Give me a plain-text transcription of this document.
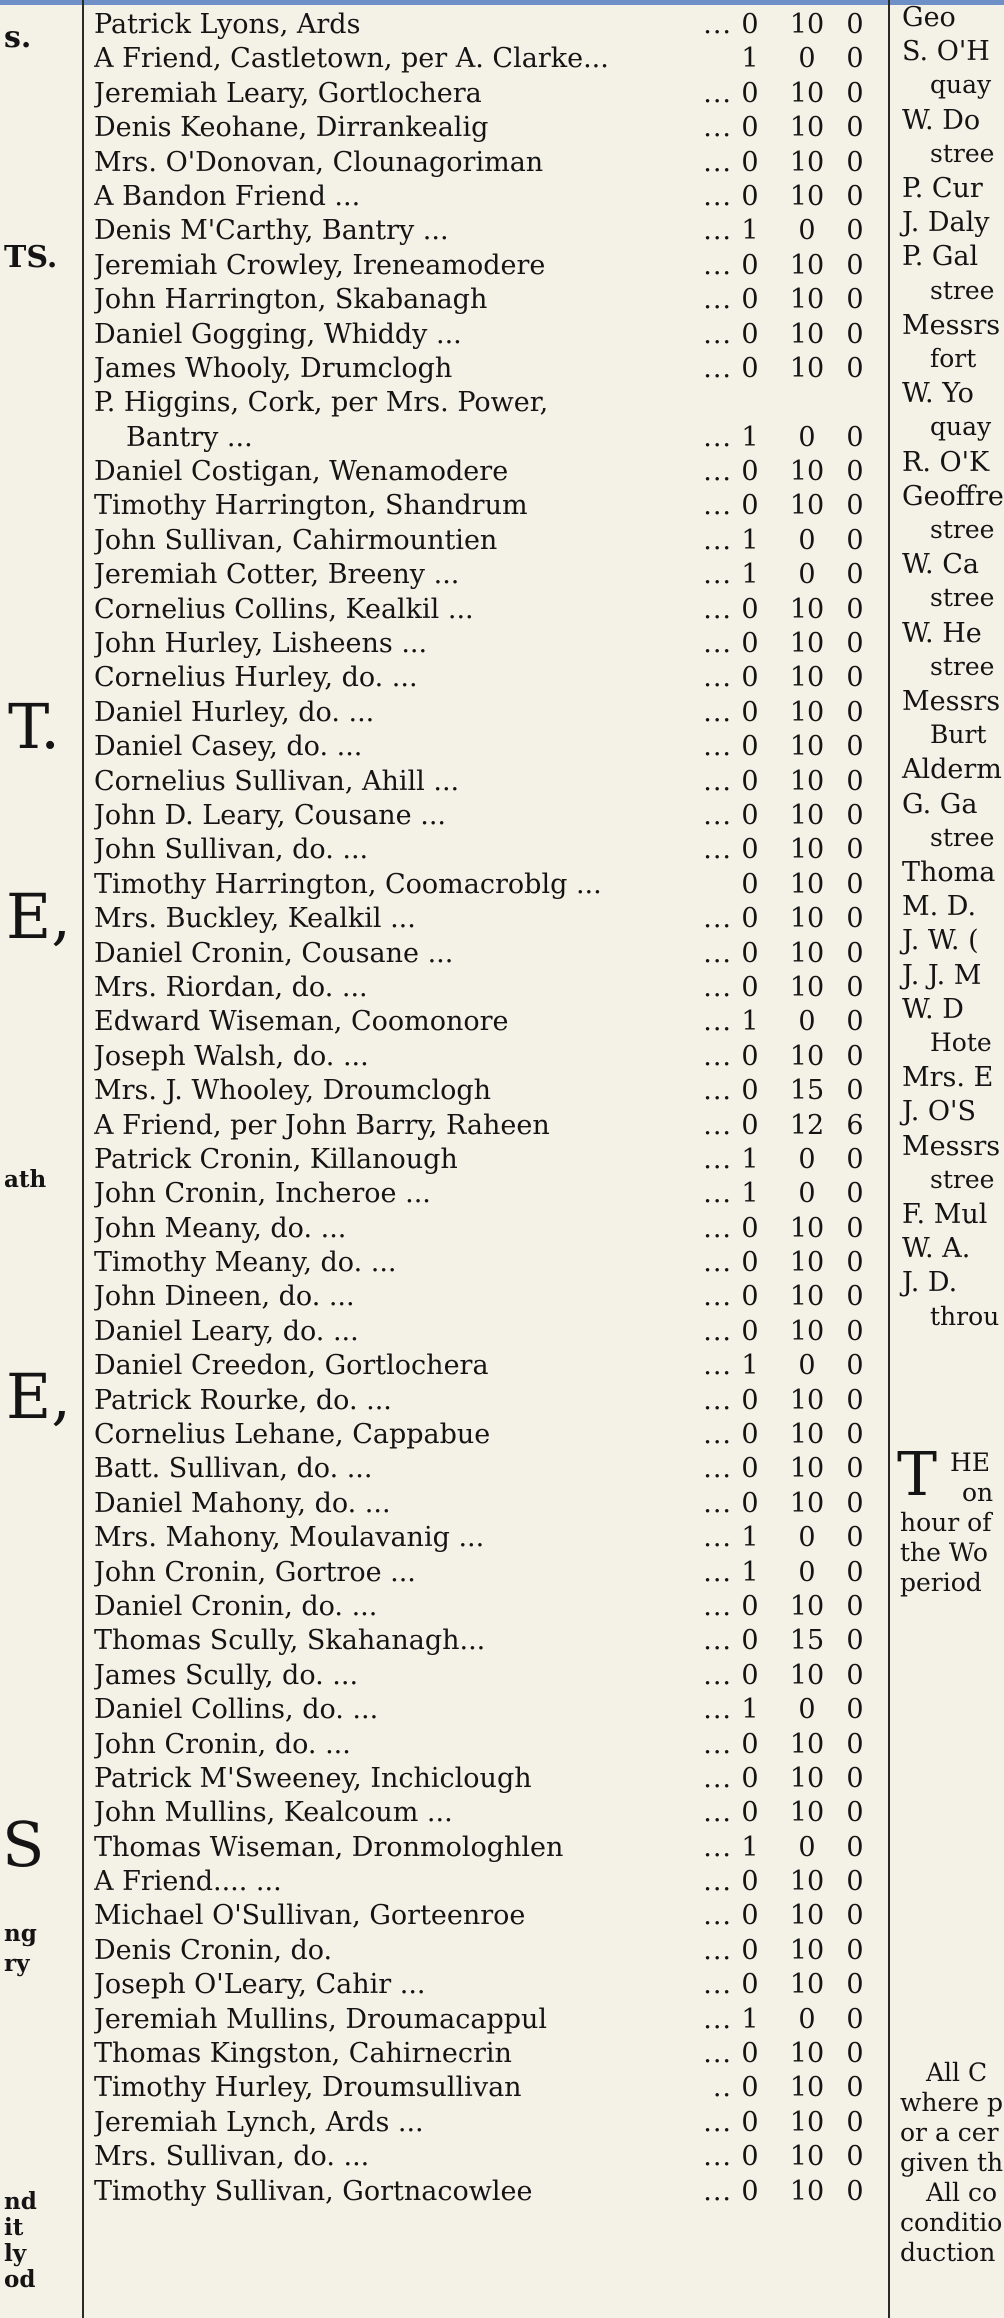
s.
TS.
T.
E,
ath
E,
S
ng
ry
nd
it
ly
od
Patrick Lyons, Ards	... 0	10 0
A Friend, Castletown, per A. Clarke...	1	0	0
Jeremiah Leary, Gortlochera	... 0	10 0
Denis Keohane, Dirrankealig	... 0	10 0
Mrs. O'Donovan, Clounagoriman	... 0	10 0
A Bandon Friend ...	... 0	10 0
Denis M'Carthy, Bantry ...	... 1	0	0
Jeremiah Crowley, Ireneamodere	... 0	10 0
John Harrington, Skabanagh	... 0	10 0
Daniel Gogging, Whiddy ...	... 0	10 0
James Whooly, Drumclogh	... 0	10 0
P. Higgins, Cork, per Mrs. Power,
Bantry ...	... 1	0	0
Daniel Costigan, Wenamodere	... 0	10 0
Timothy Harrington, Shandrum	... 0	10 0
John Sullivan, Cahirmountien	... 1	0	0
Jeremiah Cotter, Breeny ...	... 1	0	0
Cornelius Collins, Kealkil ...	... 0	10 0
John Hurley, Lisheens ...	... 0	10 0
Cornelius Hurley, do. ...	... 0	10 0
Daniel Hurley, do. ...	... 0	10 0
Daniel Casey, do. ...	... 0	10 0
Cornelius Sullivan, Ahill ...	... 0	10 0
John D. Leary, Cousane ...	... 0	10 0
John Sullivan, do. ...	... 0	10 0
Timothy Harrington, Coomacroblg ...	0	10 0
Mrs. Buckley, Kealkil ...	... 0	10 0
Daniel Cronin, Cousane ...	... 0	10 0
Mrs. Riordan, do. ...	... 0	10 0
Edward Wiseman, Coomonore	... 1	0	0
Joseph Walsh, do. ...	... 0	10 0
Mrs. J. Whooley, Droumclogh	... 0	15 0
A Friend, per John Barry, Raheen	... 0	12 6
Patrick Cronin, Killanough	... 1	0	0
John Cronin, Incheroe ...	... 1	0	0
John Meany, do. ...	... 0	10 0
Timothy Meany, do. ...	... 0	10 0
John Dineen, do. ...	... 0	10 0
Daniel Leary, do. ...	... 0	10 0
Daniel Creedon, Gortlochera	... 1	0	0
Patrick Rourke, do. ...	... 0	10 0
Cornelius Lehane, Cappabue	... 0	10 0
Batt. Sullivan, do. ...	... 0	10 0
Daniel Mahony, do. ...	... 0	10 0
Mrs. Mahony, Moulavanig ...	... 1	0	0
John Cronin, Gortroe ...	... 1	0	0
Daniel Cronin, do. ...	... 0	10 0
Thomas Scully, Skahanagh...	... 0	15 0
James Scully, do. ...	... 0	10 0
Daniel Collins, do. ...	... 1	0	0
John Cronin, do. ...	... 0	10 0
Patrick M'Sweeney, Inchiclough	... 0	10 0
John Mullins, Kealcoum ...	... 0	10 0
Thomas Wiseman, Dronmologhlen	... 1	0	0
A Friend.... ...	... 0	10 0
Michael O'Sullivan, Gorteenroe	... 0	10 0
Denis Cronin, do.	... 0	10 0
Joseph O'Leary, Cahir ...	... 0	10 0
Jeremiah Mullins, Droumacappul	... 1	0	0
Thomas Kingston, Cahirnecrin	... 0	10 0
Timothy Hurley, Droumsullivan	.. 0	10 0
Jeremiah Lynch, Ards ...	... 0	10 0
Mrs. Sullivan, do. ...	... 0	10 0
Timothy Sullivan, Gortnacowlee	... 0	10 0
Geo
S. O'H
quay
W. Do
stree
P. Cur
J. Daly
P. Gal
stree
Messrs
fort
W. Yo
quay
R. O'K
Geoffre
stree
W. Ca
stree
W. He
stree
Messrs
Burt
Alderm
G. Ga
stree
Thoma
M. D.
J. W. (
J. J. M
W. D
Hote
Mrs. E
J. O'S
Messrs
stree
F. Mul
W. A.
J. D.
throu
T HE
on
hour of
the Wo
period
All C
where p
or a cer
given th
All co
conditio
duction
